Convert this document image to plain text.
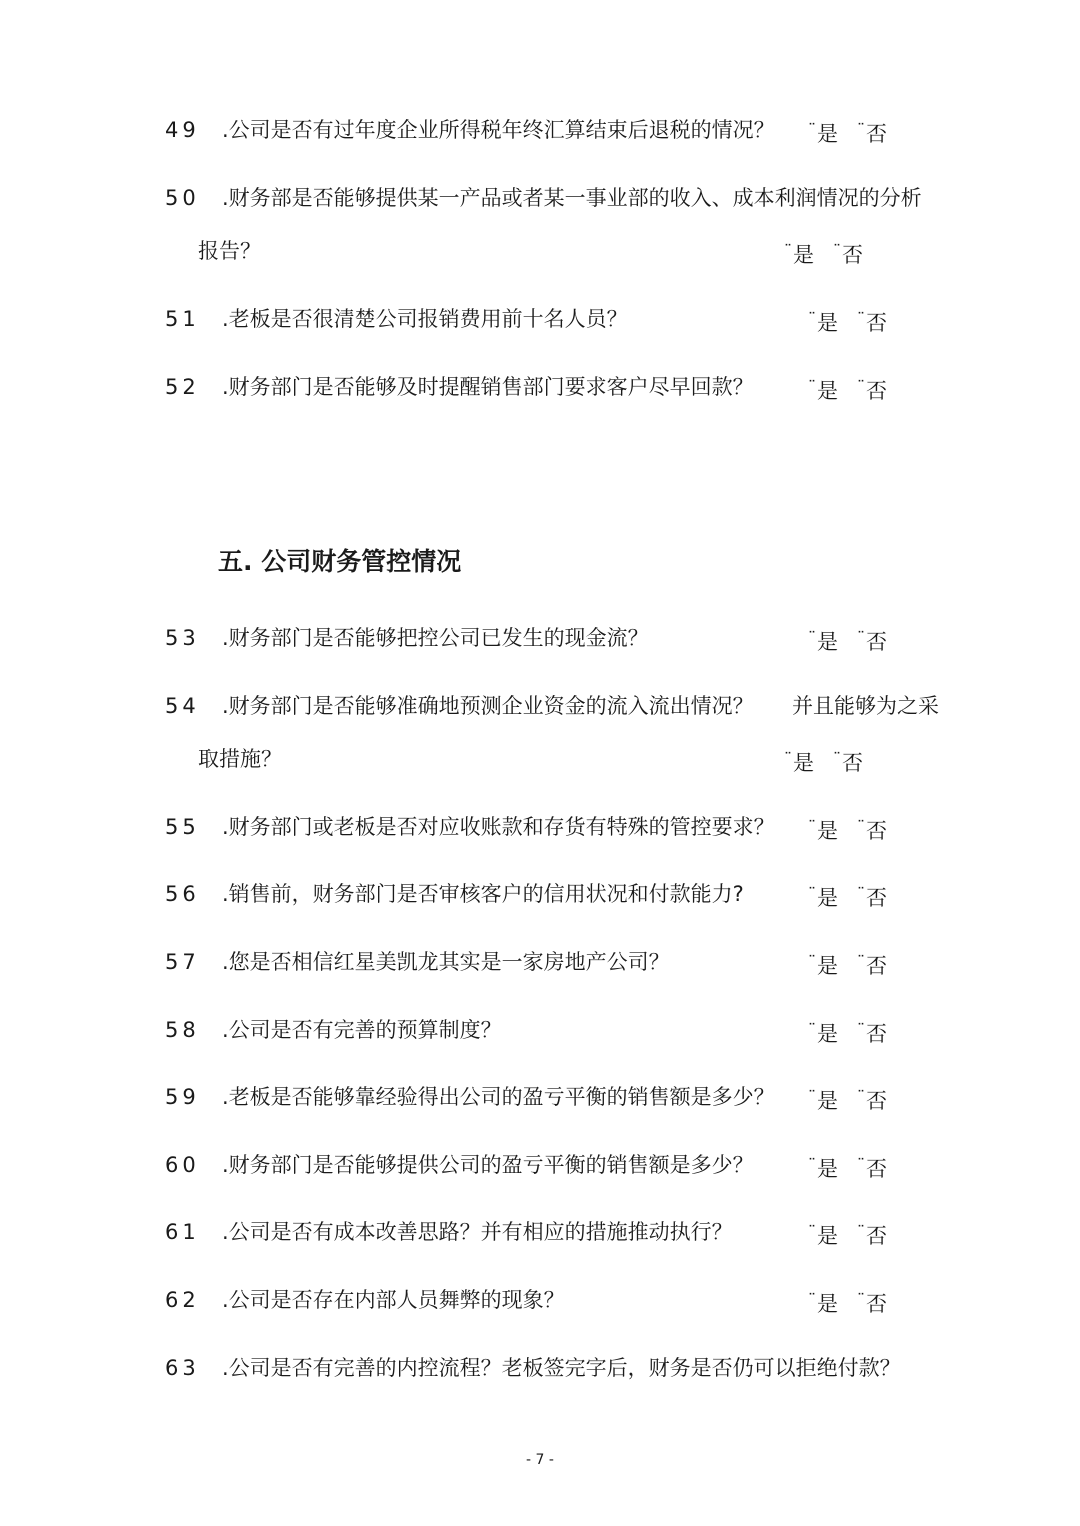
49 .公司是否有过年度企业所得税年终汇算结束后退税的情况？ ¨是 ¨否
50 .财务部是否能够提供某一产品或者某一事业部的收入、成本利润情况的分析
报告？	¨是 ¨否
51 .老板是否很清楚公司报销费用前十名人员？	¨是 ¨否
52 .财务部门是否能够及时提醒销售部门要求客户尽早回款？	¨是 ¨否
五. 公司财务管控情况
53 .财务部门是否能够把控公司已发生的现金流？	¨是 ¨否
54 .财务部门是否能够准确地预测企业资金的流入流出情况？ 并且能够为之采
取措施？	¨是 ¨否
55 .财务部门或老板是否对应收账款和存货有特殊的管控要求？ ¨是 ¨否
56 .销售前，财务部门是否审核客户的信用状况和付款能力?	¨是 ¨否
57 .您是否相信红星美凯龙其实是一家房地产公司？	¨是 ¨否
58 .公司是否有完善的预算制度？	¨是 ¨否
59 .老板是否能够靠经验得出公司的盈亏平衡的销售额是多少？ ¨是 ¨否
60 .财务部门是否能够提供公司的盈亏平衡的销售额是多少？	¨是 ¨否
61 .公司是否有成本改善思路？并有相应的措施推动执行？	¨是 ¨否
62 .公司是否存在内部人员舞弊的现象？	¨是 ¨否
63 .公司是否有完善的内控流程？老板签完字后，财务是否仍可以拒绝付款？
- 7 -
